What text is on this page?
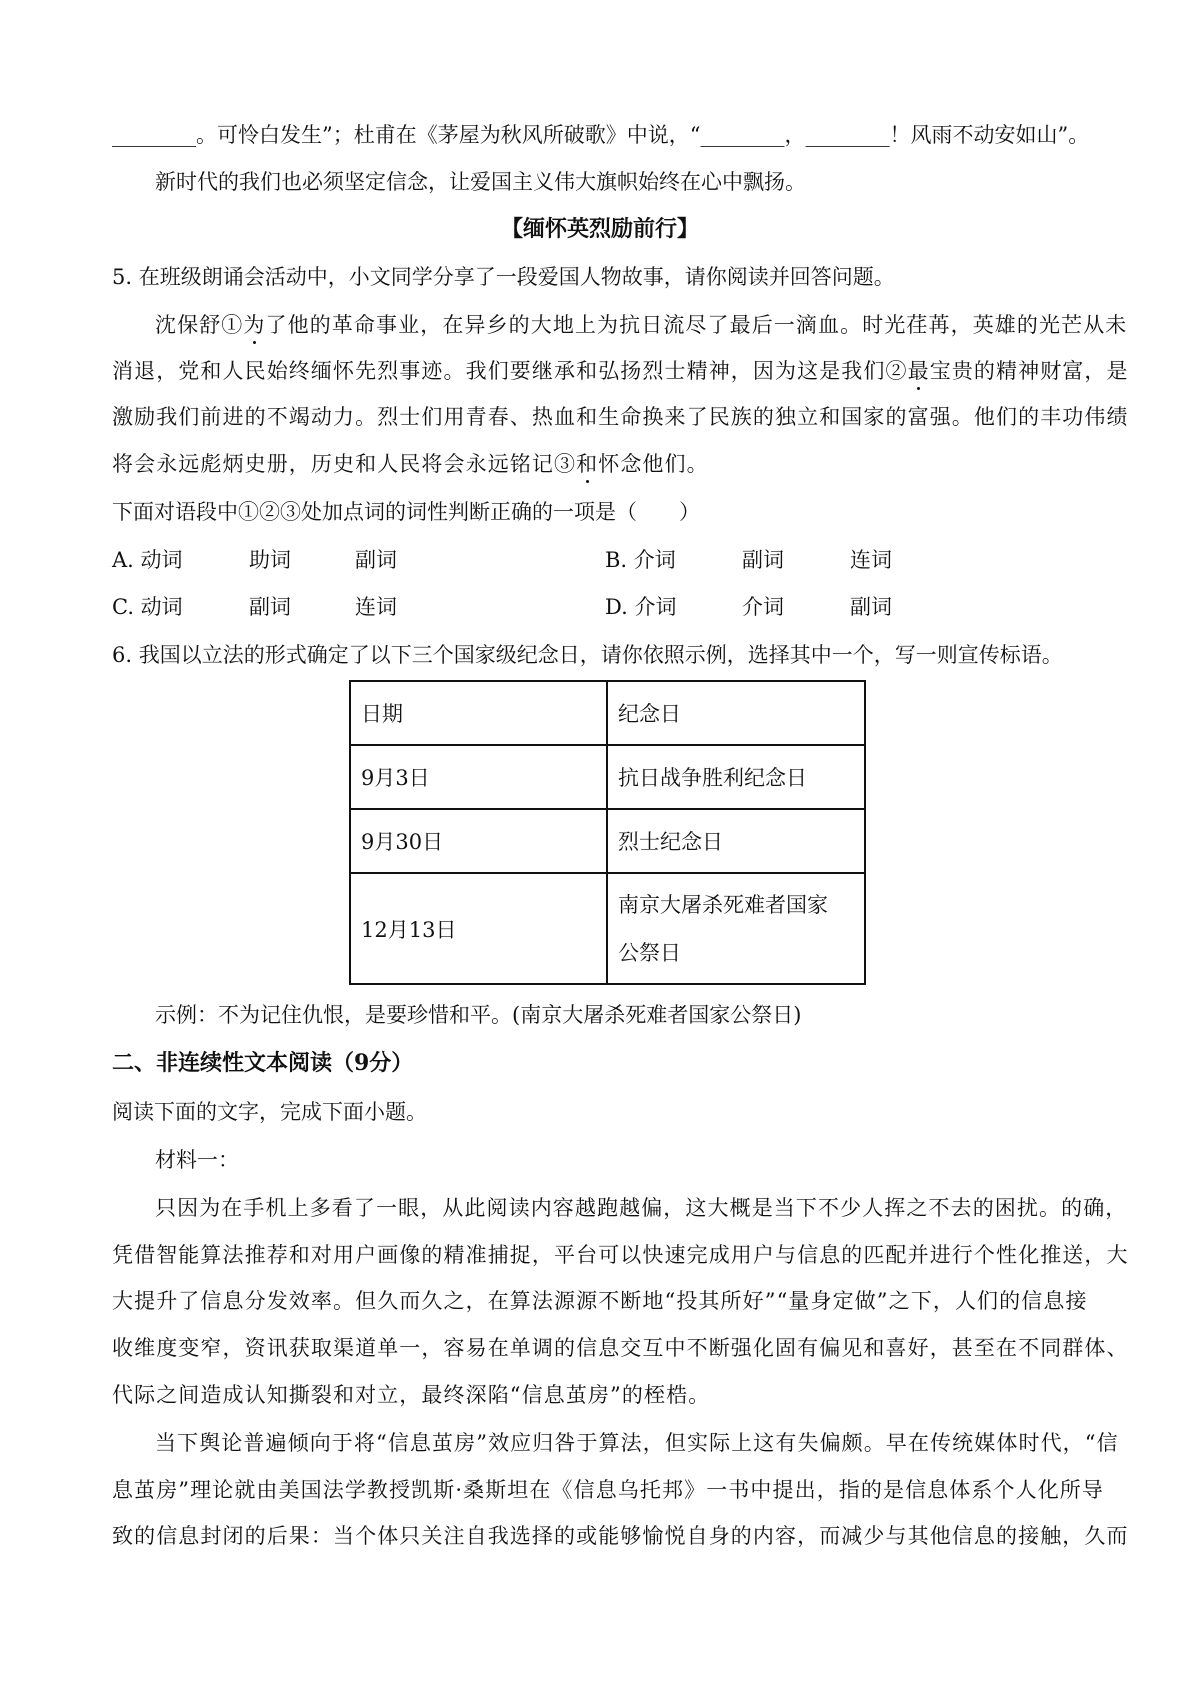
________。可怜白发生”；杜甫在《茅屋为秋风所破歌》中说，“________，________！风雨不动安如山”。
新时代的我们也必须坚定信念，让爱国主义伟大旗帜始终在心中飘扬。
【缅怀英烈励前行】
5. 在班级朗诵会活动中，小文同学分享了一段爱国人物故事，请你阅读并回答问题。
沈保舒①为了他的革命事业，在异乡的大地上为抗日流尽了最后一滴血。时光荏苒，英雄的光芒从未
消退，党和人民始终缅怀先烈事迹。我们要继承和弘扬烈士精神，因为这是我们②最宝贵的精神财富，是
激励我们前进的不竭动力。烈士们用青春、热血和生命换来了民族的独立和国家的富强。他们的丰功伟绩
将会永远彪炳史册，历史和人民将会永远铭记③和怀念他们。
下面对语段中①②③处加点词的词性判断正确的一项是（　　）
A. 动词	助词	副词	B. 介词	副词	连词
C. 动词	副词	连词	D. 介词	介词	副词
6. 我国以立法的形式确定了以下三个国家级纪念日，请你依照示例，选择其中一个，写一则宣传标语。
日期	纪念日
9月3日	抗日战争胜利纪念日
9月30日	烈士纪念日
12月13日	南京大屠杀死难者国家
公祭日
示例：不为记住仇恨，是要珍惜和平。(南京大屠杀死难者国家公祭日)
二、非连续性文本阅读（9分）
阅读下面的文字，完成下面小题。
材料一：
只因为在手机上多看了一眼，从此阅读内容越跑越偏，这大概是当下不少人挥之不去的困扰。的确，
凭借智能算法推荐和对用户画像的精准捕捉，平台可以快速完成用户与信息的匹配并进行个性化推送，大
大提升了信息分发效率。但久而久之，在算法源源不断地“投其所好”“量身定做”之下，人们的信息接
收维度变窄，资讯获取渠道单一，容易在单调的信息交互中不断强化固有偏见和喜好，甚至在不同群体、
代际之间造成认知撕裂和对立，最终深陷“信息茧房”的桎梏。
当下舆论普遍倾向于将“信息茧房”效应归咎于算法，但实际上这有失偏颇。早在传统媒体时代，“信
息茧房”理论就由美国法学教授凯斯·桑斯坦在《信息乌托邦》一书中提出，指的是信息体系个人化所导
致的信息封闭的后果：当个体只关注自我选择的或能够愉悦自身的内容，而减少与其他信息的接触，久而
